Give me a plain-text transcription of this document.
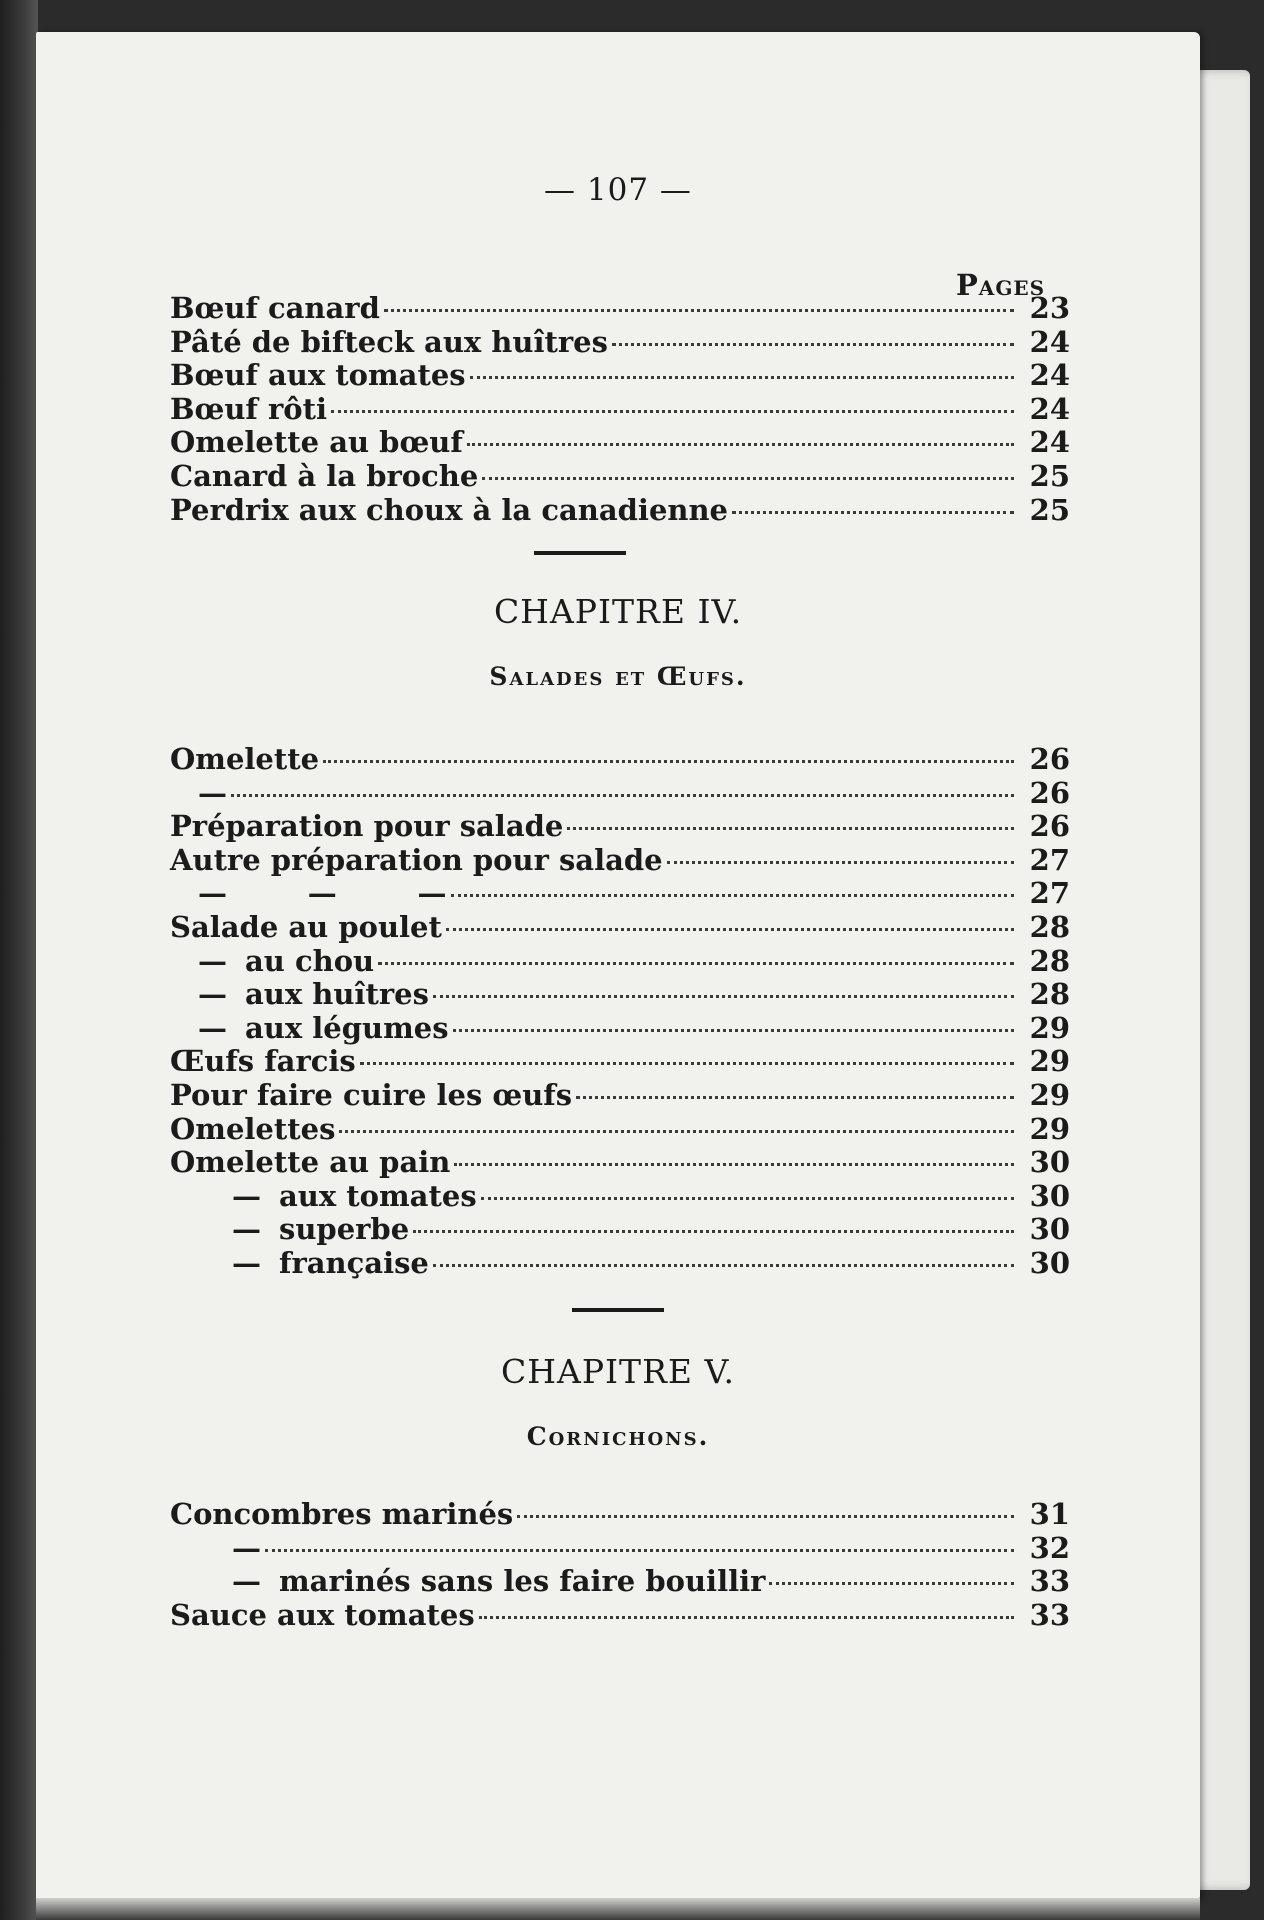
— 107 —
Pages
Bœuf canard	23
Pâté de bifteck aux huîtres	24
Bœuf aux tomates	24
Bœuf rôti	24
Omelette au bœuf	24
Canard à la broche	25
Perdrix aux choux à la canadienne	25
CHAPITRE IV.
Salades et Œufs.
Omelette	26
—	26
Préparation pour salade	26
Autre préparation pour salade	27
—        —        —	27
Salade au poulet	28
— au chou	28
— aux huîtres	28
— aux légumes	29
Œufs farcis	29
Pour faire cuire les œufs	29
Omelettes	29
Omelette au pain	30
— aux tomates	30
— superbe	30
— française	30
CHAPITRE V.
Cornichons.
Concombres marinés	31
—	32
— marinés sans les faire bouillir	33
Sauce aux tomates	33
